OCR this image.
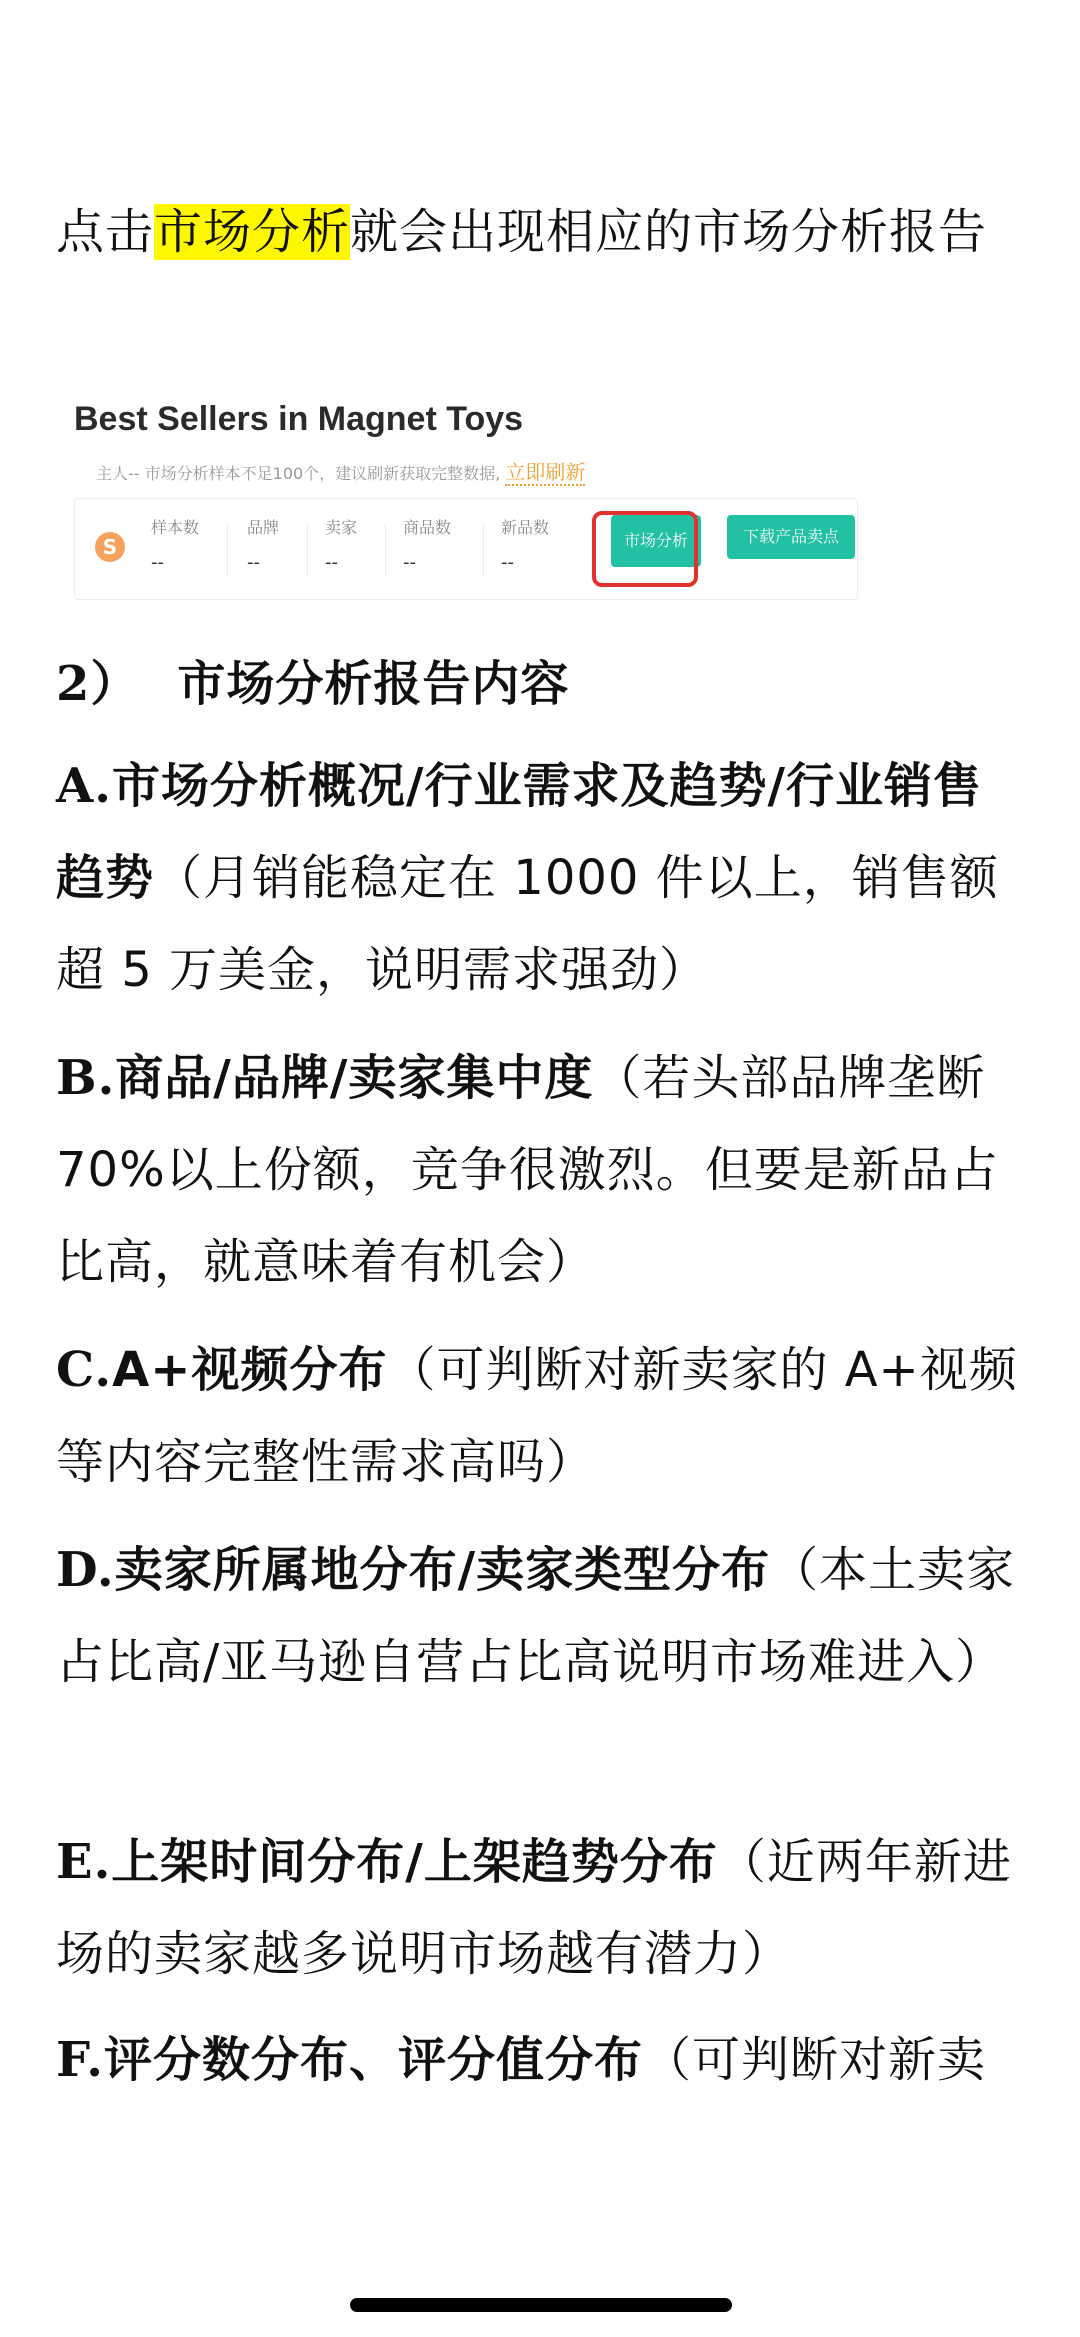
点击市场分析就会出现相应的市场分析报告

Best Sellers in Magnet Toys
主人-- 市场分析样本不足100个，建议刷新获取完整数据, 立即刷新
S
样本数
--
品牌
--
卖家
--
商品数
--
新品数
--
市场分析	下载产品卖点

2） 市场分析报告内容

A.市场分析概况/行业需求及趋势/行业销售趋势（月销能稳定在 1000 件以上，销售额超 5 万美金，说明需求强劲）

B.商品/品牌/卖家集中度（若头部品牌垄断70%以上份额，竞争很激烈。但要是新品占比高，就意味着有机会）

C.A+视频分布（可判断对新卖家的 A+视频等内容完整性需求高吗）

D.卖家所属地分布/卖家类型分布（本土卖家占比高/亚马逊自营占比高说明市场难进入）

E.上架时间分布/上架趋势分布（近两年新进场的卖家越多说明市场越有潜力）

F.评分数分布、评分值分布（可判断对新卖
